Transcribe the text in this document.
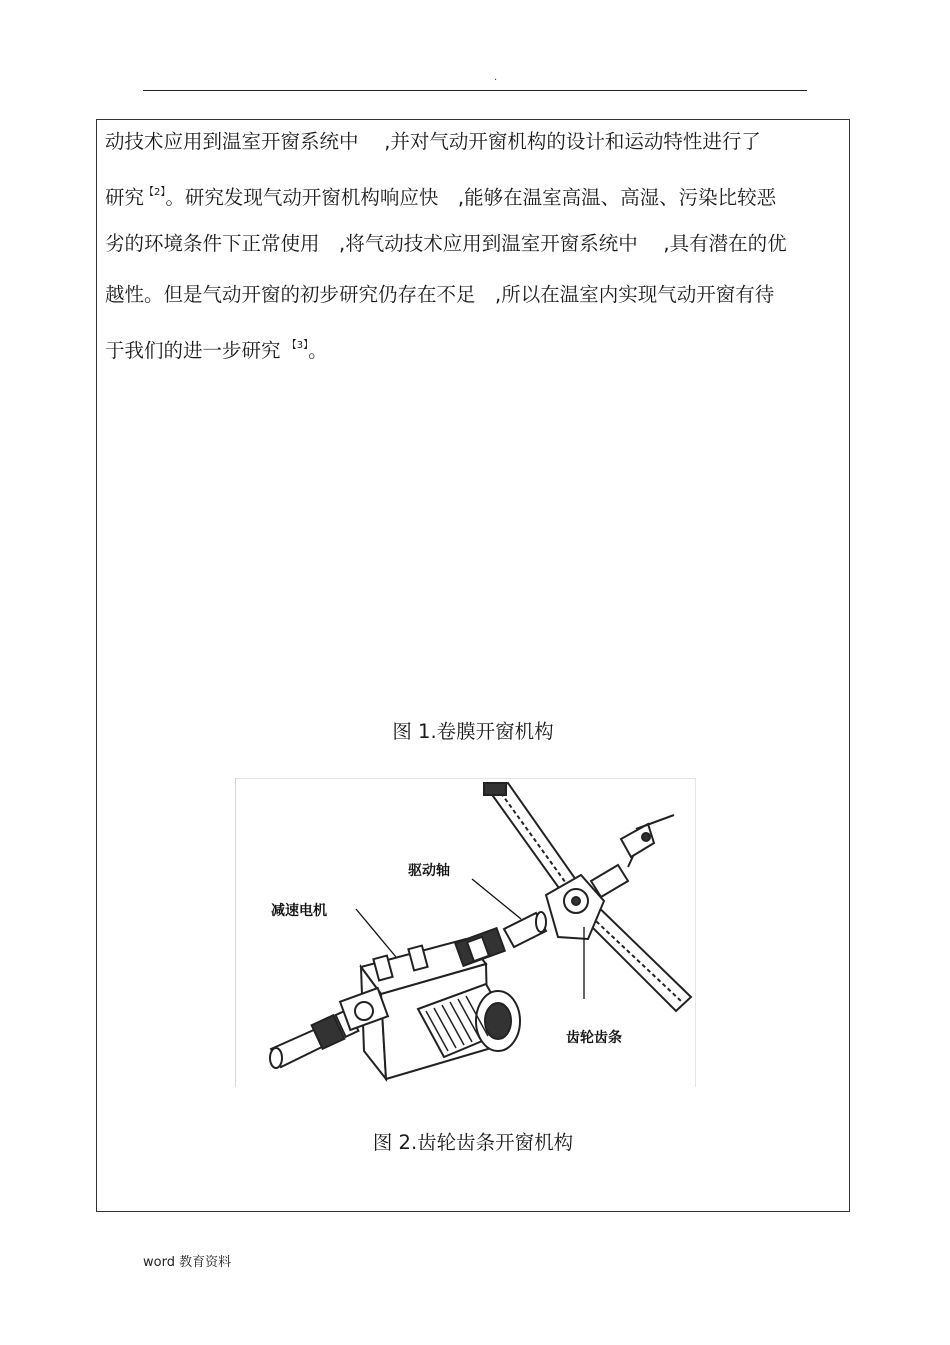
.
动技术应用到温室开窗系统中　 ,并对气动开窗机构的设计和运动特性进行了
研究$^{【2】}$。研究发现气动开窗机构响应快　,能够在温室高温、高湿、污染比较恶
劣的环境条件下正常使用　,将气动技术应用到温室开窗系统中　 ,具有潜在的优
越性。但是气动开窗的初步研究仍存在不足　,所以在温室内实现气动开窗有待
于我们的进一步研究 $^{【3】}$。
图 1.卷膜开窗机构
驱动轴
减速电机
齿轮齿条
图 2.齿轮齿条开窗机构
word 教育资料
